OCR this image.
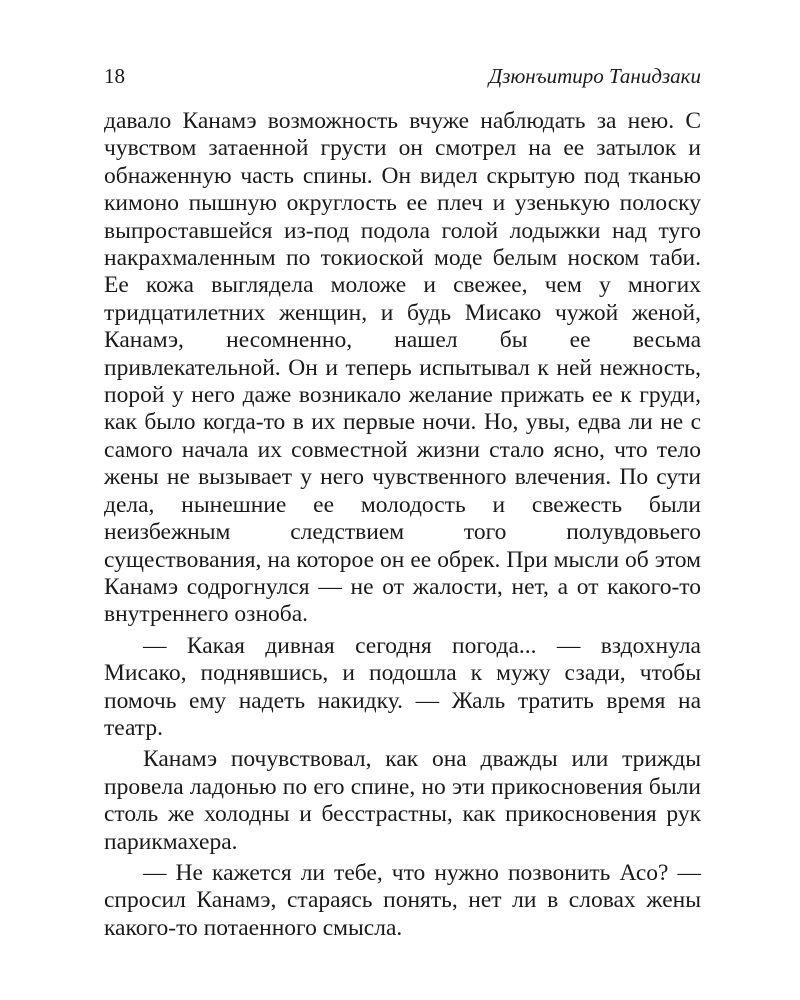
18	Дзюнъитиро Танидзаки

давало Канамэ возможность вчуже наблюдать за нею. С чувством затаенной грусти он смотрел на ее затылок и обнаженную часть спины. Он видел скрытую под тканью кимоно пышную округлость ее плеч и узенькую полоску выпроставшейся из-под подола голой лодыжки над туго накрахмаленным по токиоской моде белым носком таби. Ее кожа выглядела моложе и свежее, чем у многих тридцатилетних женщин, и будь Мисако чужой женой, Канамэ, несомненно, нашел бы ее весьма привлекательной. Он и теперь испытывал к ней нежность, порой у него даже возникало желание прижать ее к груди, как было когда-то в их первые ночи. Но, увы, едва ли не с самого начала их совместной жизни стало ясно, что тело жены не вызывает у него чувственного влечения. По сути дела, нынешние ее молодость и свежесть были неизбежным следствием того полувдовьего существования, на которое он ее обрек. При мысли об этом Канамэ содрогнулся — не от жалости, нет, а от какого-то внутреннего озноба.

— Какая дивная сегодня погода... — вздохнула Мисако, поднявшись, и подошла к мужу сзади, чтобы помочь ему надеть накидку. — Жаль тратить время на театр.

Канамэ почувствовал, как она дважды или трижды провела ладонью по его спине, но эти прикосновения были столь же холодны и бесстрастны, как прикосновения рук парикмахера.

— Не кажется ли тебе, что нужно позвонить Асо? — спросил Канамэ, стараясь понять, нет ли в словах жены какого-то потаенного смысла.
